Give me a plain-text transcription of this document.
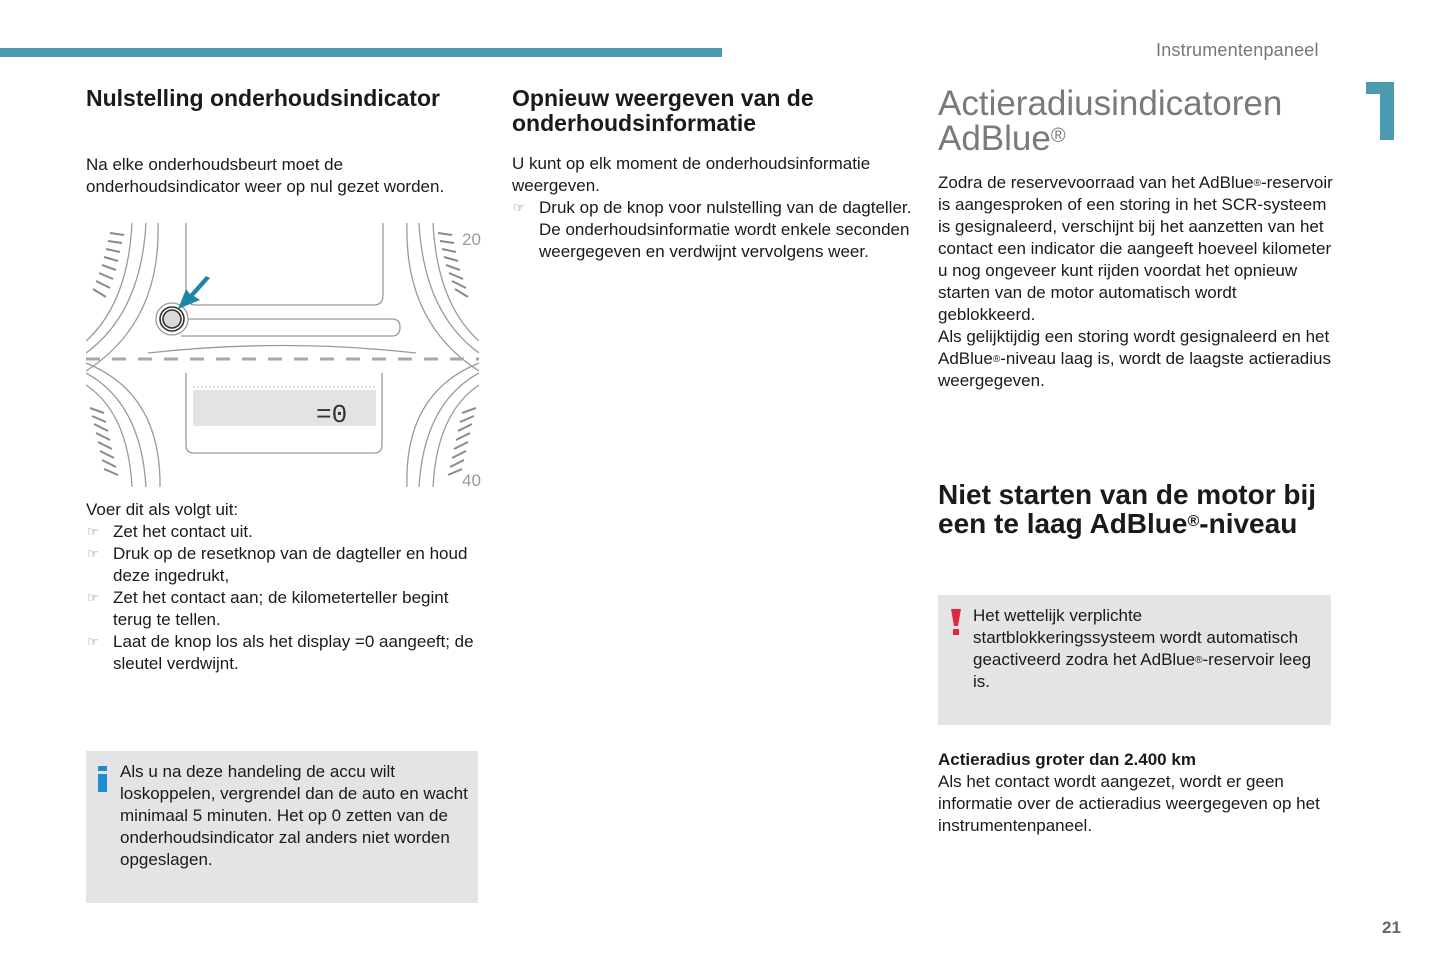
Instrumentenpaneel
21
Nulstelling onderhoudsindicator

Na elke onderhoudsbeurt moet de onderhoudsindicator weer op nul gezet worden.

20
40
=0

Voer dit als volgt uit:

☞ Zet het contact uit.
☞ Druk op de resetknop van de dagteller en houd deze ingedrukt,
☞ Zet het contact aan; de kilometerteller begint terug te tellen.
☞ Laat de knop los als het display =0 aangeeft; de sleutel verdwijnt.
Als u na deze handeling de accu wilt loskoppelen, vergrendel dan de auto en wacht minimaal 5 minuten. Het op 0 zetten van de onderhoudsindicator zal anders niet worden opgeslagen.
Opnieuw weergeven van de onderhoudsinformatie

U kunt op elk moment de onderhoudsinformatie weergeven.

☞ Druk op de knop voor nulstelling van de dagteller. De onderhoudsinformatie wordt enkele seconden weergegeven en verdwijnt vervolgens weer.
Actieradiusindicatoren
AdBlue®

Zodra de reservevoorraad van het AdBlue®-reservoir is aangesproken of een storing in het SCR-systeem is gesignaleerd, verschijnt bij het aanzetten van het contact een indicator die aangeeft hoeveel kilometer u nog ongeveer kunt rijden voordat het opnieuw starten van de motor automatisch wordt geblokkeerd.
Als gelijktijdig een storing wordt gesignaleerd en het AdBlue®-niveau laag is, wordt de laagste actieradius weergegeven.

Niet starten van de motor bij een te laag AdBlue®-niveau
Het wettelijk verplichte startblokkeringssysteem wordt automatisch geactiveerd zodra het AdBlue®-reservoir leeg is.

Actieradius groter dan 2.400 km

Als het contact wordt aangezet, wordt er geen informatie over de actieradius weergegeven op het instrumentenpaneel.
